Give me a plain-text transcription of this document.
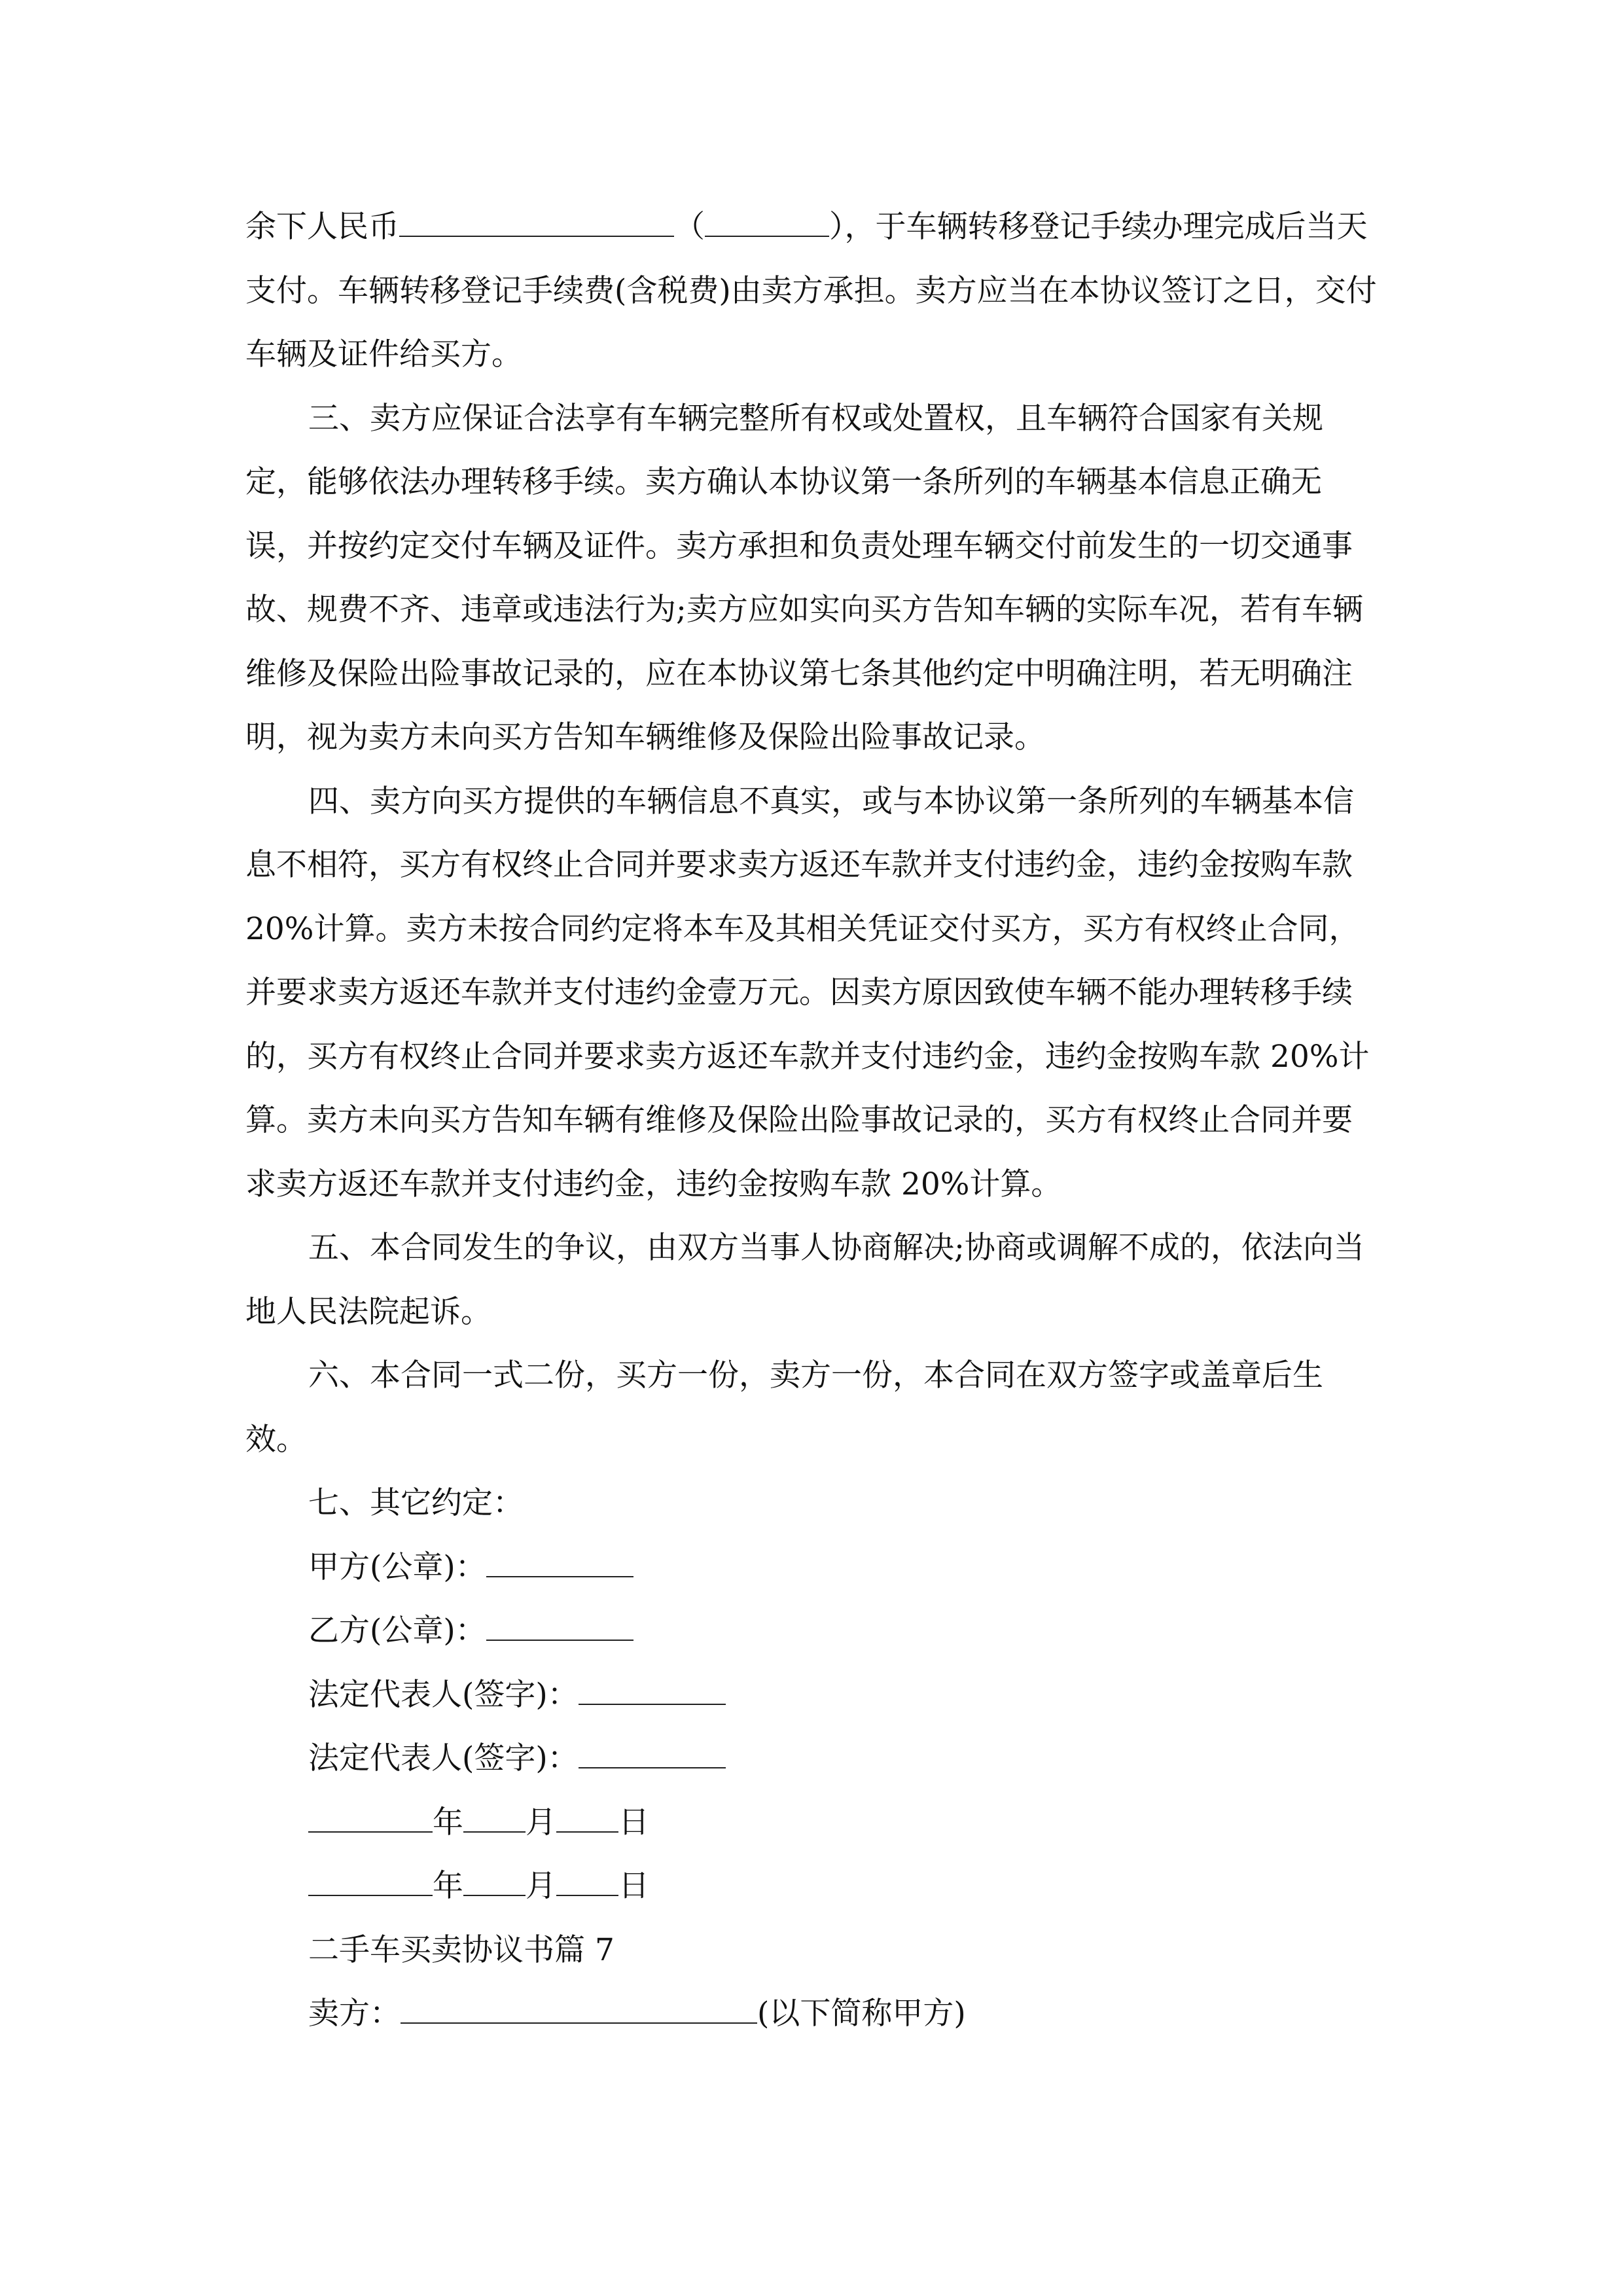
余下人民币	（	），于车辆转移登记手续办理完成后当天支付。车辆转移登记手续费(含税费)由卖方承担。卖方应当在本协议签订之日，交付车辆及证件给买方。

三、卖方应保证合法享有车辆完整所有权或处置权，且车辆符合国家有关规定，能够依法办理转移手续。卖方确认本协议第一条所列的车辆基本信息正确无误，并按约定交付车辆及证件。卖方承担和负责处理车辆交付前发生的一切交通事故、规费不齐、违章或违法行为;卖方应如实向买方告知车辆的实际车况，若有车辆维修及保险出险事故记录的，应在本协议第七条其他约定中明确注明，若无明确注明，视为卖方未向买方告知车辆维修及保险出险事故记录。

四、卖方向买方提供的车辆信息不真实，或与本协议第一条所列的车辆基本信息不相符，买方有权终止合同并要求卖方返还车款并支付违约金，违约金按购车款 20%计算。卖方未按合同约定将本车及其相关凭证交付买方，买方有权终止合同，并要求卖方返还车款并支付违约金壹万元。因卖方原因致使车辆不能办理转移手续的，买方有权终止合同并要求卖方返还车款并支付违约金，违约金按购车款 20%计算。卖方未向买方告知车辆有维修及保险出险事故记录的，买方有权终止合同并要求卖方返还车款并支付违约金，违约金按购车款 20%计算。

五、本合同发生的争议，由双方当事人协商解决;协商或调解不成的，依法向当地人民法院起诉。

六、本合同一式二份，买方一份，卖方一份，本合同在双方签字或盖章后生效。

七、其它约定：

甲方(公章)：

乙方(公章)：

法定代表人(签字)：

法定代表人(签字)：

年 月 日

年 月 日

二手车买卖协议书篇 7

卖方：	(以下简称甲方)
